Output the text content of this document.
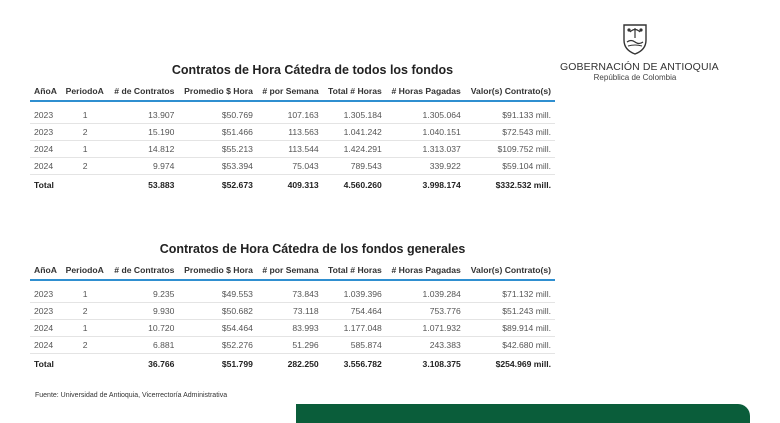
GOBERNACIÓN DE ANTIOQUIA
República de Colombia
Contratos de Hora Cátedra de todos los fondos
AñoA	PeriodoA	# de Contratos	Promedio $ Hora	# por Semana	Total # Horas	# Horas Pagadas	Valor(s) Contrato(s)
2023	1	13.907	$50.769	107.163	1.305.184	1.305.064	$91.133 mill.
2023	2	15.190	$51.466	113.563	1.041.242	1.040.151	$72.543 mill.
2024	1	14.812	$55.213	113.544	1.424.291	1.313.037	$109.752 mill.
2024	2	9.974	$53.394	75.043	789.543	339.922	$59.104 mill.
Total		53.883	$52.673	409.313	4.560.260	3.998.174	$332.532 mill.
Contratos de Hora Cátedra de los fondos generales
AñoA	PeriodoA	# de Contratos	Promedio $ Hora	# por Semana	Total # Horas	# Horas Pagadas	Valor(s) Contrato(s)
2023	1	9.235	$49.553	73.843	1.039.396	1.039.284	$71.132 mill.
2023	2	9.930	$50.682	73.118	754.464	753.776	$51.243 mill.
2024	1	10.720	$54.464	83.993	1.177.048	1.071.932	$89.914 mill.
2024	2	6.881	$52.276	51.296	585.874	243.383	$42.680 mill.
Total		36.766	$51.799	282.250	3.556.782	3.108.375	$254.969 mill.
Fuente: Universidad de Antioquia, Vicerrectoría Administrativa
